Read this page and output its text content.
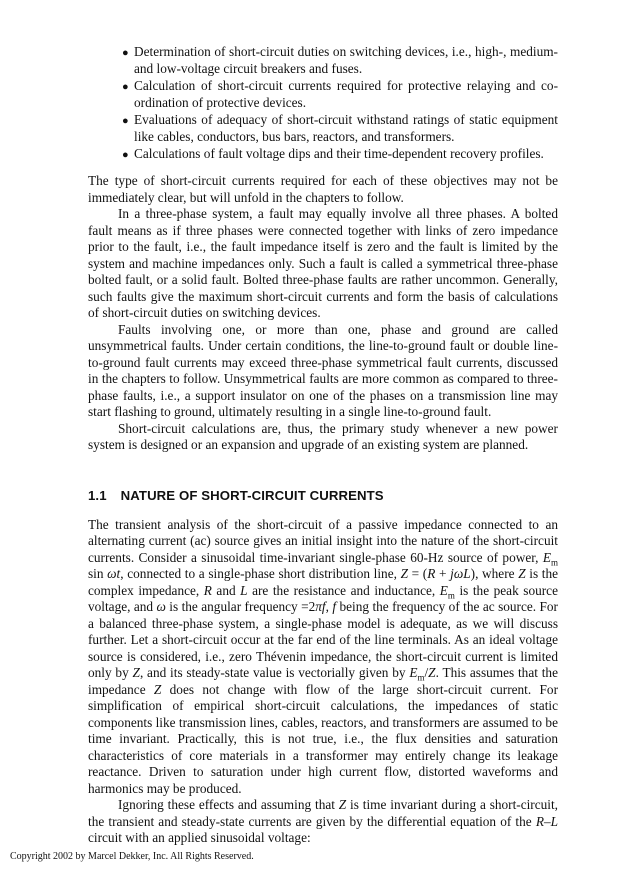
● Determination of short-circuit duties on switching devices, i.e., high-, medium- and low-voltage circuit breakers and fuses.
● Calculation of short-circuit currents required for protective relaying and co-ordination of protective devices.
● Evaluations of adequacy of short-circuit withstand ratings of static equipment like cables, conductors, bus bars, reactors, and transformers.
● Calculations of fault voltage dips and their time-dependent recovery profiles.

The type of short-circuit currents required for each of these objectives may not be immediately clear, but will unfold in the chapters to follow.

In a three-phase system, a fault may equally involve all three phases. A bolted fault means as if three phases were connected together with links of zero impedance prior to the fault, i.e., the fault impedance itself is zero and the fault is limited by the system and machine impedances only. Such a fault is called a symmetrical three-phase bolted fault, or a solid fault. Bolted three-phase faults are rather uncommon. Generally, such faults give the maximum short-circuit currents and form the basis of calculations of short-circuit duties on switching devices.

Faults involving one, or more than one, phase and ground are called unsymmetrical faults. Under certain conditions, the line-to-ground fault or double line-to-ground fault currents may exceed three-phase symmetrical fault currents, discussed in the chapters to follow. Unsymmetrical faults are more common as compared to three-phase faults, i.e., a support insulator on one of the phases on a transmission line may start flashing to ground, ultimately resulting in a single line-to-ground fault.

Short-circuit calculations are, thus, the primary study whenever a new power system is designed or an expansion and upgrade of an existing system are planned.

1.1 NATURE OF SHORT-CIRCUIT CURRENTS

The transient analysis of the short-circuit of a passive impedance connected to an alternating current (ac) source gives an initial insight into the nature of the short-circuit currents. Consider a sinusoidal time-invariant single-phase 60-Hz source of power, $E_m$ sin ωt, connected to a single-phase short distribution line, Z = (R + jωL), where Z is the complex impedance, R and L are the resistance and inductance, $E_m$ is the peak source voltage, and ω is the angular frequency =2πf, f being the frequency of the ac source. For a balanced three-phase system, a single-phase model is adequate, as we will discuss further. Let a short-circuit occur at the far end of the line terminals. As an ideal voltage source is considered, i.e., zero Thévenin impedance, the short-circuit current is limited only by Z, and its steady-state value is vectorially given by $E_m/Z$. This assumes that the impedance Z does not change with flow of the large short-circuit current. For simplification of empirical short-circuit calculations, the impedances of static components like transmission lines, cables, reactors, and transformers are assumed to be time invariant. Practically, this is not true, i.e., the flux densities and saturation characteristics of core materials in a transformer may entirely change its leakage reactance. Driven to saturation under high current flow, distorted waveforms and harmonics may be produced.

Ignoring these effects and assuming that Z is time invariant during a short-circuit, the transient and steady-state currents are given by the differential equation of the R–L circuit with an applied sinusoidal voltage:

Copyright 2002 by Marcel Dekker, Inc. All Rights Reserved.
